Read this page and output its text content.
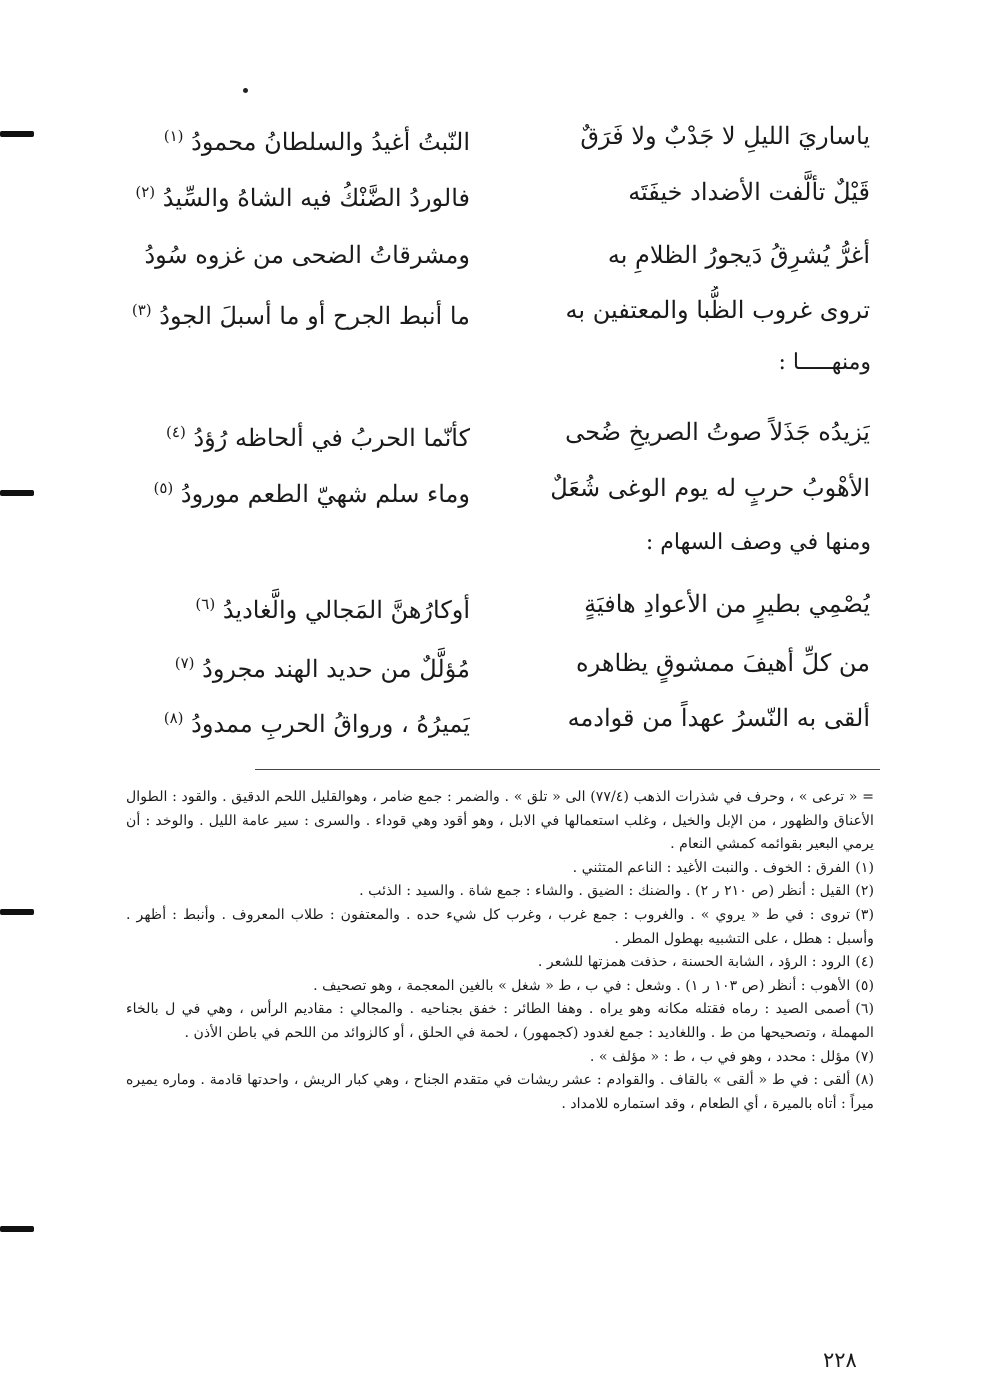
ياساريَ الليلِ لا جَدْبٌ ولا فَرَقٌالنّبتُ أغيدُ والسلطانُ محمودُ $^{(١)}$
قَيْلٌ تألَّفت الأضداد خيفَتَهفالوردُ الضَّنْكُ فيه الشاهُ والسِّيدُ $^{(٢)}$
أغرُّ يُشرِقُ دَيجورُ الظلامِ بهومشرقاتُ الضحى من غزوه سُودُ
تروى غروب الظُّبا والمعتفين بهما أنبط الجرح أو ما أسبلَ الجودُ $^{(٣)}$
ومنهـــــا :
يَزيدُه جَذَلاً صوتُ الصريخِ ضُحىكأنّما الحربُ في ألحاظه رُؤدُ $^{(٤)}$
الأهْوبُ حربٍ له يوم الوغى شُعَلٌوماء سلم شهيّ الطعم مورودُ $^{(٥)}$
ومنها في وصف السهام :
يُصْمِي بطيرٍ من الأعوادِ هافيَةٍأوكارُهنَّ المَجالي والَّغاديدُ $^{(٦)}$
من كلِّ أهيفَ ممشوقٍ يظاهرهمُؤلَّلٌ من حديد الهند مجرودُ $^{(٧)}$
ألقى به النّسرُ عهداً من قوادمهيَميرُهُ ، ورواقُ الحربِ ممدودُ $^{(٨)}$

= « ترعى » ، وحرف في شذرات الذهب (٧٧/٤) الى « تلق » . والضمر : جمع ضامر ، وهوالقليل اللحم الدقيق . والقود : الطوال الأعناق والظهور ، من الإبل والخيل ، وغلب استعمالها في الابل ، وهو أقود وهي قوداء . والسرى : سير عامة الليل . والوخد : أن يرمي البعير بقوائمه كمشي النعام .

(١)الفرق : الخوف . والنبت الأغيد : الناعم المتثني .

(٢)القيل : أنظر (ص ٢١٠ ر ٢) . والضنك : الضيق . والشاء : جمع شاة . والسيد : الذئب .

(٣)تروى : في ط « يروي » . والغروب : جمع غرب ، وغرب كل شيء حده . والمعتفون : طلاب المعروف . وأنبط : أظهر . وأسبل : هطل ، على التشبيه بهطول المطر .

(٤)الرود : الرؤد ، الشابة الحسنة ، حذفت همزتها للشعر .

(٥)الأهوب : أنظر (ص ١٠٣ ر ١) . وشعل : في ب ، ط « شغل » بالغين المعجمة ، وهو تصحيف .

(٦)أصمى الصيد : رماه فقتله مكانه وهو يراه . وهفا الطائر : خفق بجناحيه . والمجالي : مقاديم الرأس ، وهي في ل بالخاء المهملة ، وتصحيحها من ط . واللغاديد : جمع لغدود (كجمهور) ، لحمة في الحلق ، أو كالزوائد من اللحم في باطن الأذن .

(٧)مؤلل : محدد ، وهو في ب ، ط : « مؤلف » .

(٨)ألقى : في ط « ألقى » بالقاف . والقوادم : عشر ريشات في متقدم الجناح ، وهي كبار الريش ، واحدتها قادمة . وماره يميره ميراً : أتاه بالميرة ، أي الطعام ، وقد استماره للامداد .

٢٢٨
